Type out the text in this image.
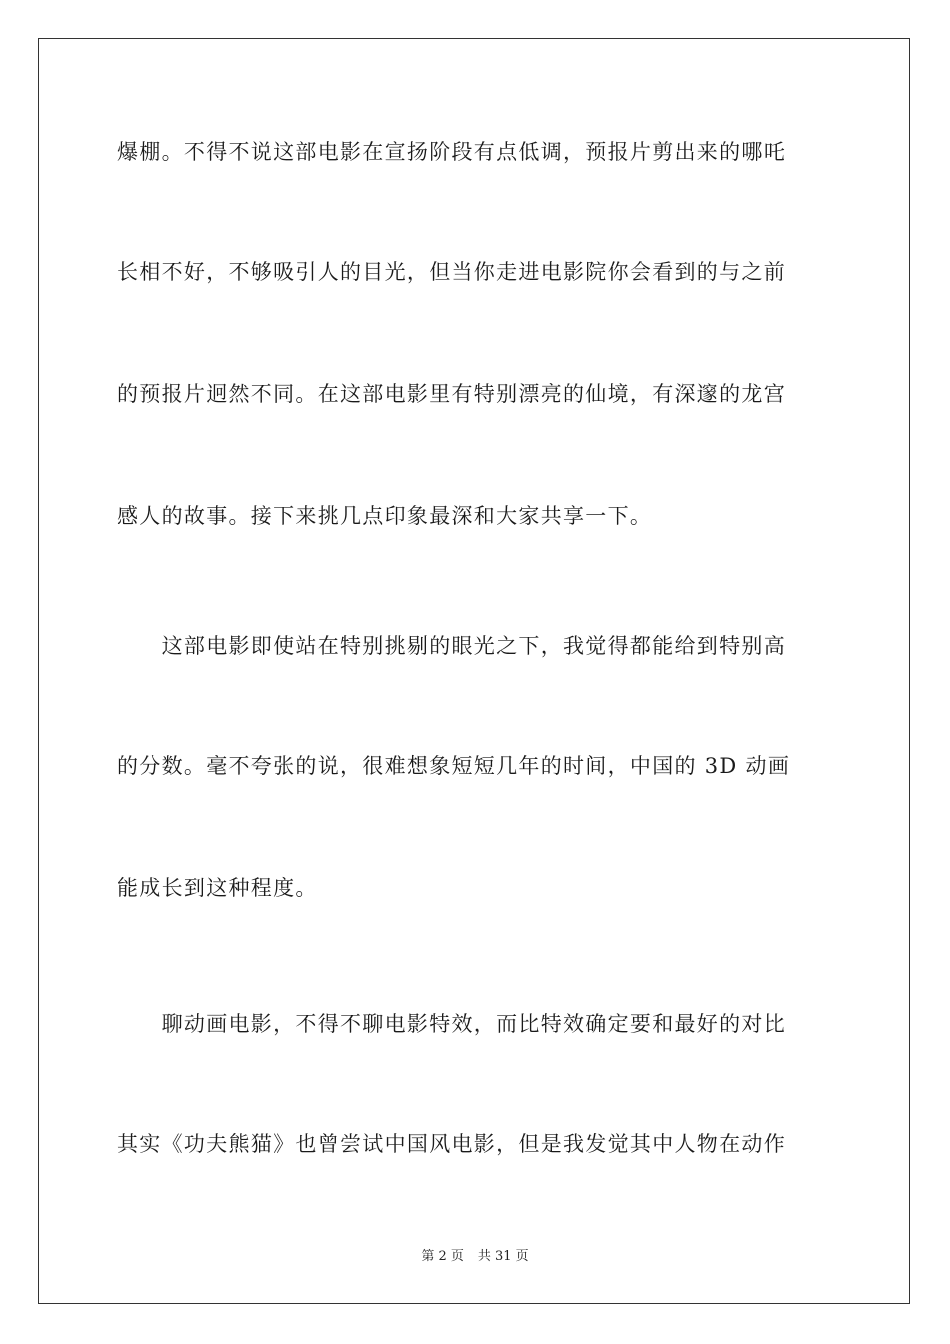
爆棚。不得不说这部电影在宣扬阶段有点低调，预报片剪出来的哪吒
长相不好，不够吸引人的目光，但当你走进电影院你会看到的与之前
的预报片迥然不同。在这部电影里有特别漂亮的仙境，有深邃的龙宫
感人的故事。接下来挑几点印象最深和大家共享一下。
　　这部电影即使站在特别挑剔的眼光之下，我觉得都能给到特别高
的分数。毫不夸张的说，很难想象短短几年的时间，中国的 3D 动画
能成长到这种程度。
　　聊动画电影，不得不聊电影特效，而比特效确定要和最好的对比
其实《功夫熊猫》也曾尝试中国风电影，但是我发觉其中人物在动作
第 2 页 共 31 页
